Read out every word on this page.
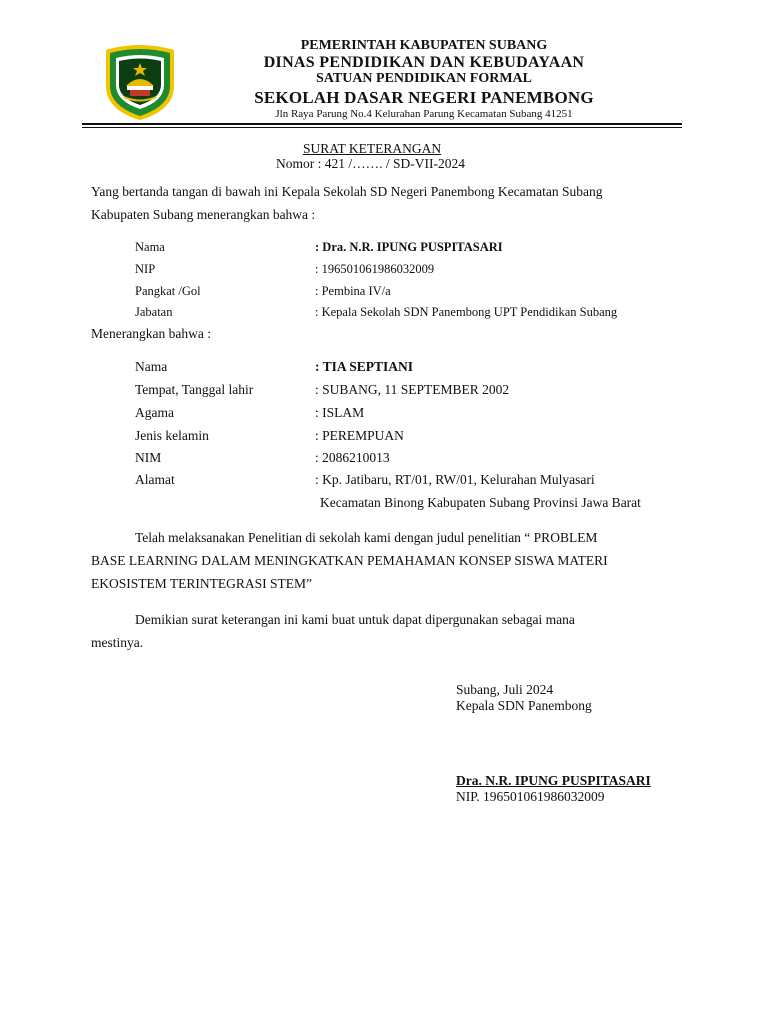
PEMERINTAH KABUPATEN SUBANG
DINAS PENDIDIKAN DAN KEBUDAYAAN
SATUAN PENDIDIKAN FORMAL
SEKOLAH DASAR NEGERI PANEMBONG
Jln Raya Parung No.4 Kelurahan Parung Kecamatan Subang 41251
SURAT KETERANGAN
Nomor : 421 /……. / SD-VII-2024
Yang bertanda tangan di bawah ini Kepala Sekolah SD Negeri Panembong Kecamatan Subang
Kabupaten Subang menerangkan bahwa :
Nama	: Dra. N.R. IPUNG PUSPITASARI
NIP	: 196501061986032009
Pangkat /Gol	: Pembina IV/a
Jabatan	: Kepala Sekolah SDN Panembong UPT Pendidikan Subang
Menerangkan bahwa :
Nama	: TIA SEPTIANI
Tempat, Tanggal lahir	: SUBANG, 11 SEPTEMBER 2002
Agama	: ISLAM
Jenis kelamin	: PEREMPUAN
NIM	: 2086210013
Alamat	: Kp. Jatibaru, RT/01, RW/01, Kelurahan Mulyasari
Kecamatan Binong Kabupaten Subang Provinsi Jawa Barat
Telah melaksanakan Penelitian di sekolah kami dengan judul penelitian “ PROBLEM
BASE LEARNING DALAM MENINGKATKAN PEMAHAMAN KONSEP SISWA MATERI
EKOSISTEM TERINTEGRASI STEM”
Demikian surat keterangan ini kami buat untuk dapat dipergunakan sebagai mana
mestinya.
Subang, Juli 2024
Kepala SDN Panembong
Dra. N.R. IPUNG PUSPITASARI
NIP. 196501061986032009
